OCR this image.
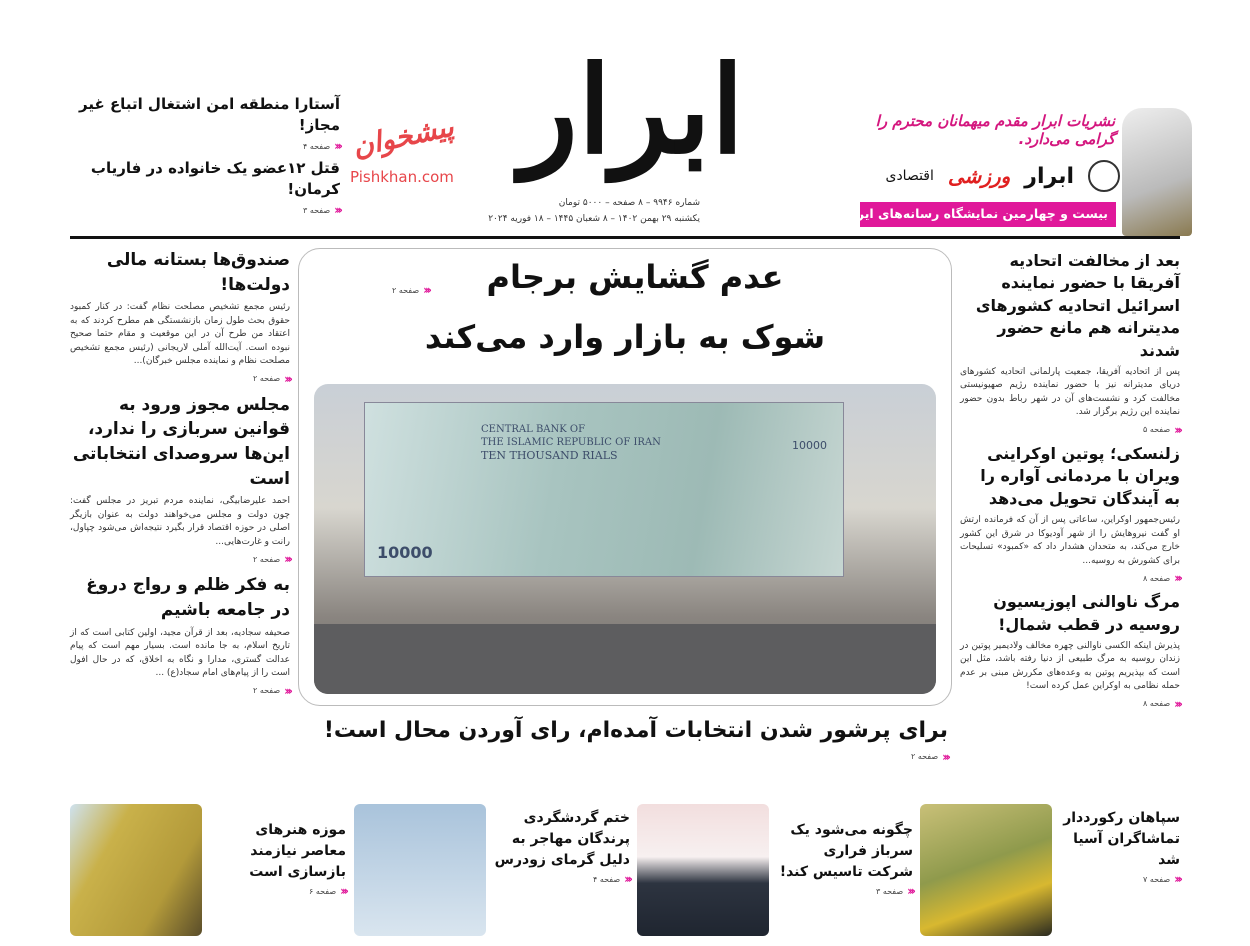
ابرار
شماره ۹۹۴۶ – ۸ صفحه – ۵۰۰۰ تومان
یکشنبه ۲۹ بهمن ۱۴۰۲ – ۸ شعبان ۱۴۴۵ – ۱۸ فوریه ۲۰۲۴
نشریات ابرار مقدم میهمانان محترم را گرامی می‌دارد.
ابرار
ورزشی
اقتصادی
بیست و چهارمین نمایشگاه رسانه‌های ایران
آستارا منطقه امن اشتغال اتباع غیر مجاز!
‹‹‹
صفحه ۴
قتل ۱۲عضو یک خانواده در فاریاب کرمان!
‹‹‹
صفحه ۳
پیشخوان
Pishkhan.com
صندوق‌ها بستانه مالی دولت‌ها!
رئیس مجمع تشخیص مصلحت نظام گفت: در کنار کمبود حقوق بحث طول زمان بازنشستگی هم مطرح کردند که به اعتقاد من طرح آن در این موقعیت و مقام حتما صحیح نبوده است. آیت‌الله آملی لاریجانی (رئیس مجمع تشخیص مصلحت نظام و نماینده مجلس خبرگان)...
‹‹‹
صفحه ۲
مجلس مجوز ورود به قوانین سربازی را ندارد، این‌ها سروصدای انتخاباتی است
احمد علیرضابیگی، نماینده مردم تبریز در مجلس گفت: چون دولت و مجلس می‌خواهند دولت به عنوان بازیگر اصلی در حوزه اقتصاد قرار بگیرد نتیجه‌اش می‌شود چپاول، رانت و غارت‌هایی...
‹‹‹
صفحه ۲
به فکر ظلم و رواج دروغ در جامعه باشیم
صحیفه سجادیه، بعد از قرآن مجید، اولین کتابی است که از تاریخ اسلام، به جا مانده است. بسیار مهم است که پیام عدالت گستری، مدارا و نگاه به اخلاق، که در حال افول است را از پیام‌های امام سجاد(ع) ...
‹‹‹
صفحه ۲
عدم گشایش برجام
شوک به بازار وارد می‌کند
‹‹‹
صفحه ۲
CENTRAL BANK OF
THE ISLAMIC REPUBLIC OF IRAN
TEN THOUSAND RIALS
10000
10000
برای پرشور شدن انتخابات آمده‌ام، رای آوردن محال است!
‹‹‹
صفحه ۲
بعد از مخالفت اتحادیه آفریقا با حضور نماینده اسرائیل اتحادیه کشورهای مدیترانه هم مانع حضور شدند
پس از اتحادیه آفریقا، جمعیت پارلمانی اتحادیه کشورهای دریای مدیترانه نیز با حضور نماینده رژیم صهیونیستی مخالفت کرد و نشست‌های آن در شهر رباط بدون حضور نماینده این رژیم برگزار شد.
‹‹‹
صفحه ۵
زلنسکی؛ پوتین اوکراینی ویران با مردمانی آواره را به آیندگان تحویل می‌دهد
رئیس‌جمهور اوکراین، ساعاتی پس از آن که فرمانده ارتش او گفت نیروهایش را از شهر آودیوکا در شرق این کشور خارج می‌کند، به متحدان هشدار داد که «کمبود» تسلیحات برای کشورش به روسیه...
‹‹‹
صفحه ۸
مرگ ناوالنی اپوزیسیون روسیه در قطب شمال!
پذیرش اینکه الکسی ناوالنی چهره مخالف ولادیمیر پوتین در زندان روسیه به مرگ طبیعی از دنیا رفته باشد، مثل این است که بپذیریم پوتین به وعده‌های مکررش مبنی بر عدم حمله نظامی به اوکراین عمل کرده است!
‹‹‹
صفحه ۸
سپاهان رکورددار تماشاگران آسیا شد
‹‹‹
صفحه ۷
چگونه می‌شود یک سرباز فراری شرکت تاسیس کند!
‹‹‹
صفحه ۳
ختم گردشگردی پرندگان مهاجر به دلیل گرمای زودرس
‹‹‹
صفحه ۴
موزه هنرهای معاصر نیازمند بازسازی است
‹‹‹
صفحه ۶
